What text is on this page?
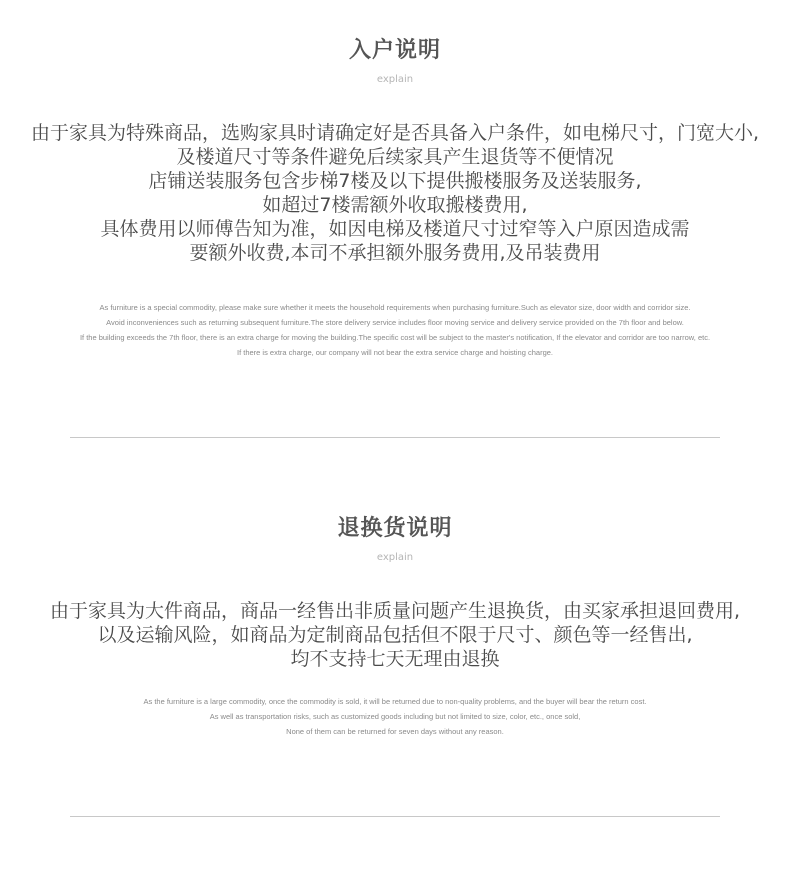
入户说明
explain
由于家具为特殊商品，选购家具时请确定好是否具备入户条件，如电梯尺寸，门宽大小,
及楼道尺寸等条件避免后续家具产生退货等不便情况
店铺送装服务包含步梯7楼及以下提供搬楼服务及送装服务,
如超过7楼需额外收取搬楼费用,
具体费用以师傅告知为准，如因电梯及楼道尺寸过窄等入户原因造成需
要额外收费,本司不承担额外服务费用,及吊装费用
As furniture is a special commodity, please make sure whether it meets the household requirements when purchasing furniture.Such as elevator size, door width and corridor size.
Avoid inconveniences such as returning subsequent furniture.The store delivery service includes floor moving service and delivery service provided on the 7th floor and below.
If the building exceeds the 7th floor, there is an extra charge for moving the building.The specific cost will be subject to the master's notification, If the elevator and corridor are too narrow, etc.
If there is extra charge, our company will not bear the extra service charge and hoisting charge.
退换货说明
explain
由于家具为大件商品，商品一经售出非质量问题产生退换货，由买家承担退回费用,
以及运输风险，如商品为定制商品包括但不限于尺寸、颜色等一经售出,
均不支持七天无理由退换
As the furniture is a large commodity, once the commodity is sold, it will be returned due to non-quality problems, and the buyer will bear the return cost.
As well as transportation risks, such as customized goods including but not limited to size, color, etc., once sold,
None of them can be returned for seven days without any reason.
